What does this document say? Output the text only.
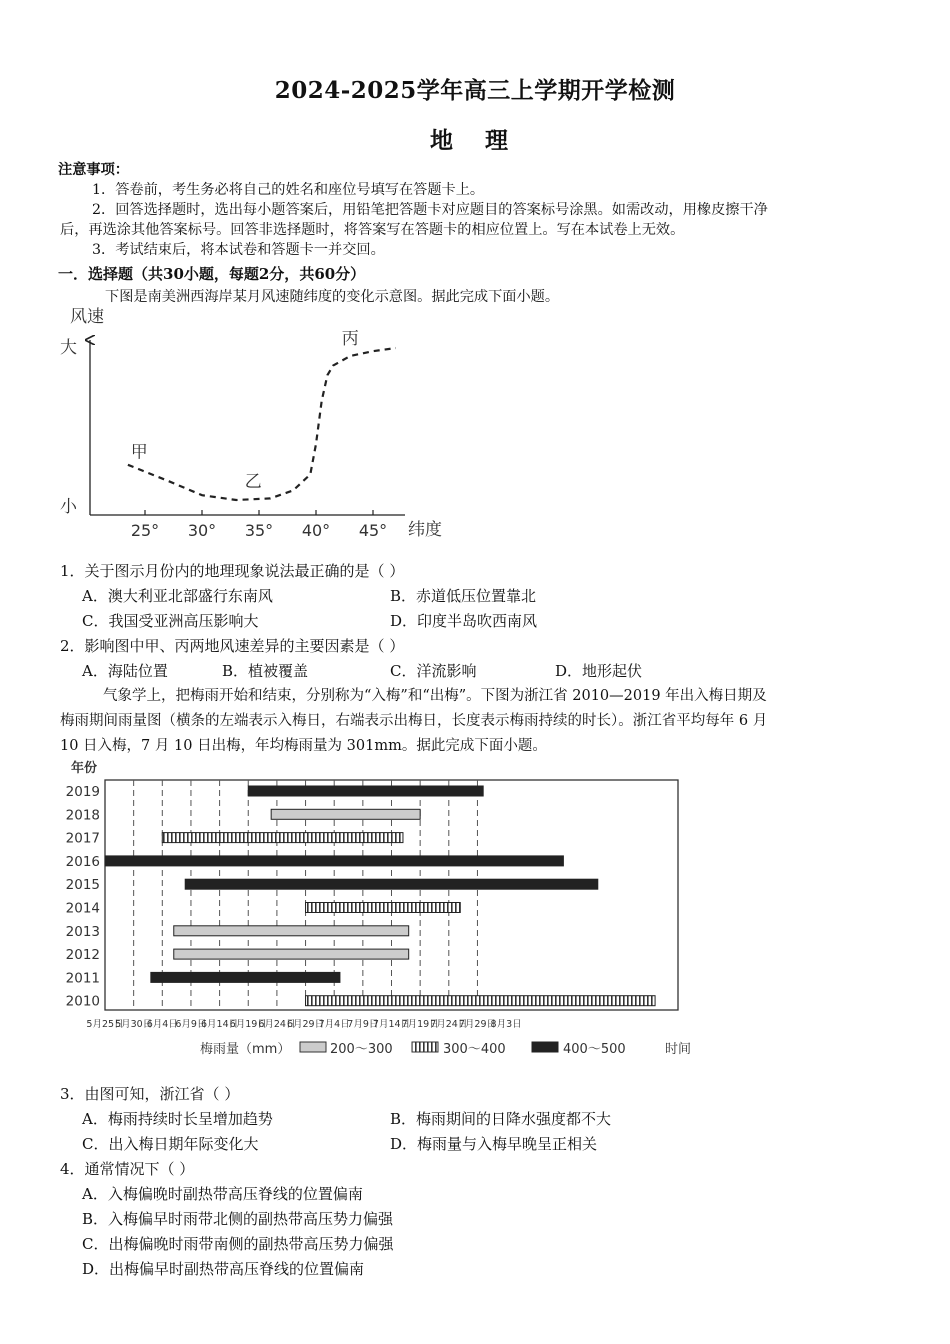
2024-2025学年高三上学期开学检测
地 理
注意事项：
1．答卷前，考生务必将自己的姓名和座位号填写在答题卡上。
2．回答选择题时，选出每小题答案后，用铅笔把答题卡对应题目的答案标号涂黑。如需改动，用橡皮擦干净
后，再选涂其他答案标号。回答非选择题时，将答案写在答题卡的相应位置上。写在本试卷上无效。
3．考试结束后，将本试卷和答题卡一并交回。
一．选择题（共30小题，每题2分，共60分）
下图是南美洲西海岸某月风速随纬度的变化示意图。据此完成下面小题。
风速
大
小
25° 30° 35° 40° 45°
甲
乙
丙
纬度
1．关于图示月份内的地理现象说法最正确的是（ ）
A．澳大利亚北部盛行东南风	B．赤道低压位置靠北
C．我国受亚洲高压影响大	D．印度半岛吹西南风
2．影响图中甲、丙两地风速差异的主要因素是（ ）
A．海陆位置	B．植被覆盖	C．洋流影响	D．地形起伏
气象学上，把梅雨开始和结束，分别称为“入梅”和“出梅”。下图为浙江省 2010—2019 年出入梅日期及
梅雨期间雨量图（横条的左端表示入梅日，右端表示出梅日，长度表示梅雨持续的时长）。浙江省平均每年 6 月
10 日入梅，7 月 10 日出梅，年均梅雨量为 301mm。据此完成下面小题。
年份
2019
2018
2017
2016
2015
2014
2013
2012
2011
2010
5月25日
5月30日
6月4日
6月9日
6月14日
6月19日
6月24日
6月29日
7月4日
7月9日
7月14日
7月19日
7月24日
7月29日
8月3日
梅雨量（mm）	200～300	300～400	400～500	时间
3．由图可知，浙江省（ ）
A．梅雨持续时长呈增加趋势	B．梅雨期间的日降水强度都不大
C．出入梅日期年际变化大	D．梅雨量与入梅早晚呈正相关
4．通常情况下（ ）
A．入梅偏晚时副热带高压脊线的位置偏南
B．入梅偏早时雨带北侧的副热带高压势力偏强
C．出梅偏晚时雨带南侧的副热带高压势力偏强
D．出梅偏早时副热带高压脊线的位置偏南
